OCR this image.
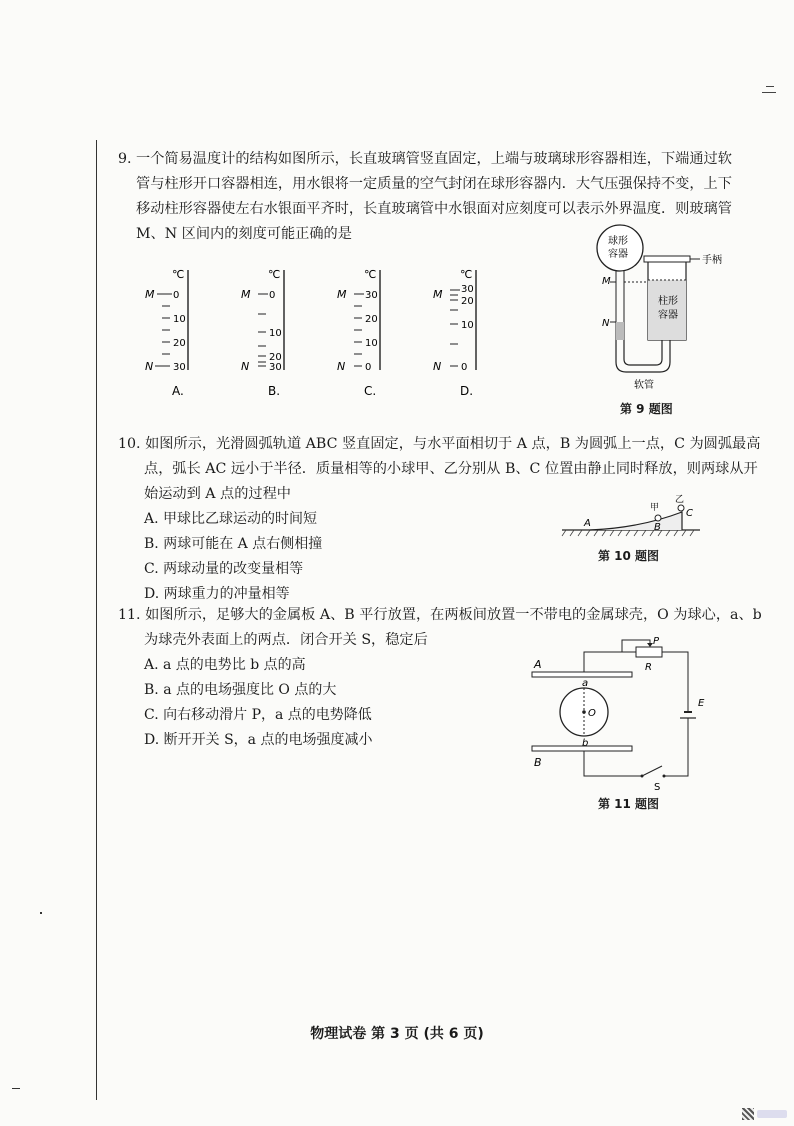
9. 一个简易温度计的结构如图所示，长直玻璃管竖直固定，上端与玻璃球形容器相连，下端通过软

管与柱形开口容器相连，用水银将一定质量的空气封闭在球形容器内．大气压强保持不变，上下

移动柱形容器使左右水银面平齐时，长直玻璃管中水银面对应刻度可以表示外界温度．则玻璃管

M、N 区间内的刻度可能正确的是

℃
M
N
0
10
20
30
A.
℃
M
N
0
10
20
30
B.
℃
M
N
30
20
10
0
C.
℃
M
N
30
20
10
0
D.
球形
容器
M
N
软管
柱形
容器
手柄
第 9 题图

10. 如图所示，光滑圆弧轨道 ABC 竖直固定，与水平面相切于 A 点，B 为圆弧上一点，C 为圆弧最高

点，弧长 AC 远小于半径．质量相等的小球甲、乙分别从 B、C 位置由静止同时释放，则两球从开

始运动到 A 点的过程中

A. 甲球比乙球运动的时间短
B. 两球可能在 A 点右侧相撞
C. 两球动量的改变量相等
D. 两球重力的冲量相等
A	B
C
甲
乙
第 10 题图

11. 如图所示，足够大的金属板 A、B 平行放置，在两板间放置一不带电的金属球壳，O 为球心，a、b

为球壳外表面上的两点．闭合开关 S，稳定后

A. a 点的电势比 b 点的高
B. a 点的电场强度比 O 点的大
C. 向右移动滑片 P，a 点的电势降低
D. 断开开关 S，a 点的电场强度减小
A
B
O
a
b
S
E
R
P
第 11 题图
物理试卷 第 3 页 (共 6 页)
